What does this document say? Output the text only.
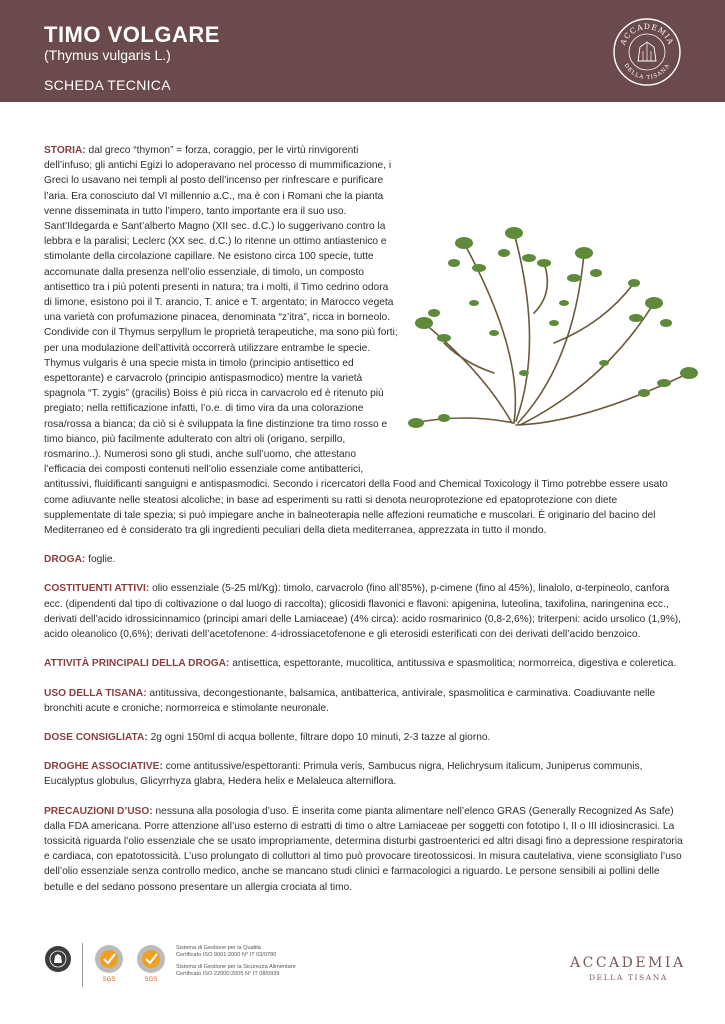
TIMO VOLGARE
(Thymus vulgaris L.)
SCHEDA TECNICA
ACCADEMIA
DELLA TISANA

STORIA: dal greco “thymon” = forza, coraggio, per le virtù rinvigorenti dell’infuso; gli antichi Egizi lo adoperavano nel processo di mummificazione, i Greci lo usavano nei templi al posto dell’incenso per rinfrescare e purificare l’aria. Era conosciuto dal VI millennio a.C., ma è con i Romani che la pianta venne disseminata in tutto l’impero, tanto importante era il suo uso. Sant’Ildegarda e Sant’alberto Magno (XII sec. d.C.) lo suggerivano contro la lebbra e la paralisi; Leclerc (XX sec. d.C.) lo ritenne un ottimo antiastenico e stimolante della circolazione capillare. Ne esistono circa 100 specie, tutte accomunate dalla presenza nell’olio essenziale, di timolo, un composto antisettico tra i più potenti presenti in natura; tra i molti, il Timo cedrino odora di limone, esistono poi il T. arancio, T. anice e T. argentato; in Marocco vegeta una varietà con profumazione pinacea, denominata “z’itra”, ricca in borneolo. Condivide con il Thymus serpyllum le proprietà terapeutiche, ma sono più forti; per una modulazione dell’attività occorrerà utilizzare entrambe le specie. Thymus vulgaris è una specie mista in timolo (principio antisettico ed espettorante) e carvacrolo (principio antispasmodico) mentre la varietà spagnola “T. zygis” (gracilis) Boiss è più ricca in carvacrolo ed è ritenuto più pregiato; nella rettificazione infatti, l’o.e. di timo vira da una colorazione rosa/rossa a bianca; da ciò si è sviluppata la fine distinzione tra timo rosso e timo bianco, più facilmente adulterato con altri oli (origano, serpillo, rosmarino..). Numerosi sono gli studi, anche sull’uomo, che attestano l’efficacia dei composti contenuti nell’olio essenziale come antibatterici, antitussivi, fluidificanti sanguigni e antispasmodici. Secondo i ricercatori della Food and Chemical Toxicology il Timo potrebbe essere usato come adiuvante nelle steatosi alcoliche; in base ad esperimenti su ratti si denota neuroprotezione ed epatoprotezione con diete supplementate di tale spezia; si può impiegare anche in balneoterapia nelle affezioni reumatiche e muscolari. È originario del bacino del Mediterraneo ed è considerato tra gli ingredienti peculiari della dieta mediterranea, apprezzata in tutto il mondo.

DROGA: foglie.

COSTITUENTI ATTIVI: olio essenziale (5-25 ml/Kg): timolo, carvacrolo (fino all’85%), p-cimene (fino al 45%), linalolo, α-terpineolo, canfora ecc. (dipendenti dal tipo di coltivazione o dal luogo di raccolta); glicosidi flavonici e flavoni: apigenina, luteolina, taxifolina, naringenina ecc., derivati dell’acido idrossicinnamico (principi amari delle Lamiaceae) (4% circa): acido rosmarinico (0,8-2,6%); triterpeni: acido ursolico (1,9%), acido oleanolico (0,6%); derivati dell’acetofenone: 4-idrossiacetofenone e gli eterosidi esterificati con dei derivati dell’acido benzoico.

ATTIVITÀ PRINCIPALI DELLA DROGA: antisettica, espettorante, mucolitica, antitussiva e spasmolitica; normorreica, digestiva e coleretica.

USO DELLA TISANA: antitussiva, decongestionante, balsamica, antibatterica, antivirale, spasmolitica e carminativa. Coadiuvante nelle bronchiti acute e croniche; normorreica e stimolante neuronale.

DOSE CONSIGLIATA: 2g ogni 150ml di acqua bollente, filtrare dopo 10 minuti, 2-3 tazze al giorno.

DROGHE ASSOCIATIVE: come antitussive/espettoranti: Primula veris, Sambucus nigra, Helichrysum italicum, Juniperus communis, Eucalyptus globulus, Glicyrrhyza glabra, Hedera helix e Melaleuca alterniflora.

PRECAUZIONI D’USO: nessuna alla posologia d’uso. È inserita come pianta alimentare nell’elenco GRAS (Generally Recognized As Safe) dalla FDA americana. Porre attenzione all’uso esterno di estratti di timo o altre Lamiaceae per soggetti con fototipo I, II o III idiosincrasici. La tossicità riguarda l’olio essenziale che se usato impropriamente, determina disturbi gastroenterici ed altri disagi fino a depressione respiratoria e cardiaca, con epatotossicità. L’uso prolungato di colluttori al timo può provocare tireotossicosi. In misura cautelativa, viene sconsigliato l’uso dell’olio essenziale senza controllo medico, anche se mancano studi clinici e farmacologici a riguardo. Le persone sensibili ai pollini delle betulle e del sedano possono presentare un allergia crociata al timo.

SGS	SGS
Sistema di Gestione per la Qualità
Certificato ISO 9001:2000 N° IT 03/0780
Sistema di Gestione per la Sicurezza Alimentare
Certificato ISO 22000:2005 N° IT 08/0939
ACCADEMIA
DELLA TISANA
